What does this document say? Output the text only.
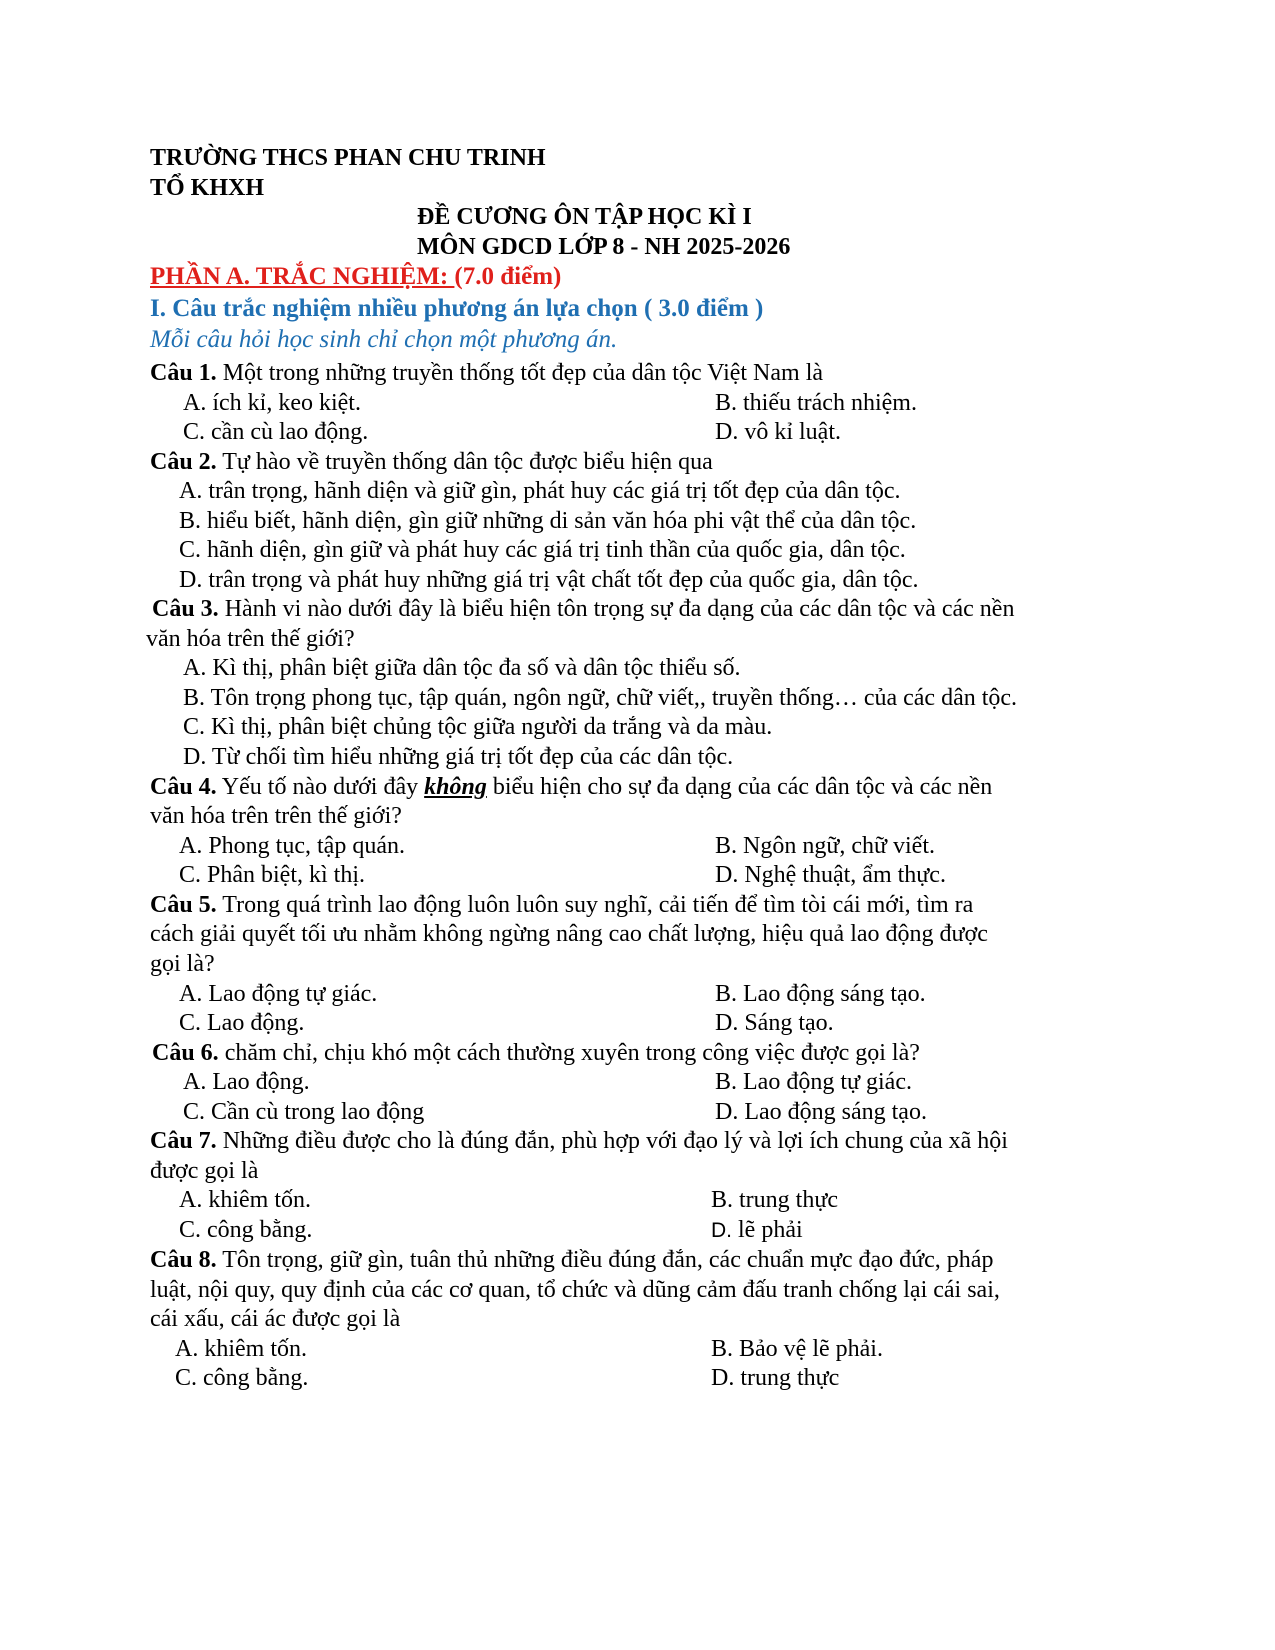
TRƯỜNG THCS PHAN CHU TRINH
TỔ KHXH
ĐỀ CƯƠNG ÔN TẬP HỌC KÌ I
MÔN GDCD LỚP 8 - NH 2025-2026
PHẦN A. TRẮC NGHIỆM: (7.0 điểm)
I. Câu trắc nghiệm nhiều phương án lựa chọn ( 3.0 điểm )
Mỗi câu hỏi học sinh chỉ chọn một phương án.
Câu 1. Một trong những truyền thống tốt đẹp của dân tộc Việt Nam là
A. ích kỉ, keo kiệt.	B. thiếu trách nhiệm.
C. cần cù lao động.	D. vô kỉ luật.
Câu 2. Tự hào về truyền thống dân tộc được biểu hiện qua
A. trân trọng, hãnh diện và giữ gìn, phát huy các giá trị tốt đẹp của dân tộc.
B. hiểu biết, hãnh diện, gìn giữ những di sản văn hóa phi vật thể của dân tộc.
C. hãnh diện, gìn giữ và phát huy các giá trị tinh thần của quốc gia, dân tộc.
D. trân trọng và phát huy những giá trị vật chất tốt đẹp của quốc gia, dân tộc.
Câu 3. Hành vi nào dưới đây là biểu hiện tôn trọng sự đa dạng của các dân tộc và các nền
văn hóa trên thế giới?
A. Kì thị, phân biệt giữa dân tộc đa số và dân tộc thiểu số.
B. Tôn trọng phong tục, tập quán, ngôn ngữ, chữ viết,, truyền thống… của các dân tộc.
C. Kì thị, phân biệt chủng tộc giữa người da trắng và da màu.
D. Từ chối tìm hiểu những giá trị tốt đẹp của các dân tộc.
Câu 4. Yếu tố nào dưới đây không biểu hiện cho sự đa dạng của các dân tộc và các nền
văn hóa trên trên thế giới?
A. Phong tục, tập quán.	B. Ngôn ngữ, chữ viết.
C. Phân biệt, kì thị.	D. Nghệ thuật, ẩm thực.
Câu 5. Trong quá trình lao động luôn luôn suy nghĩ, cải tiến để tìm tòi cái mới, tìm ra
cách giải quyết tối ưu nhằm không ngừng nâng cao chất lượng, hiệu quả lao động được
gọi là?
A. Lao động tự giác.	B. Lao động sáng tạo.
C. Lao động.	D. Sáng tạo.
Câu 6. chăm chỉ, chịu khó một cách thường xuyên trong công việc được gọi là?
A. Lao động.	B. Lao động tự giác.
C. Cần cù trong lao động	D. Lao động sáng tạo.
Câu 7. Những điều được cho là đúng đắn, phù hợp với đạo lý và lợi ích chung của xã hội
được gọi là
A. khiêm tốn.	B. trung thực
C. công bằng.	D. lẽ phải
Câu 8. Tôn trọng, giữ gìn, tuân thủ những điều đúng đắn, các chuẩn mực đạo đức, pháp
luật, nội quy, quy định của các cơ quan, tổ chức và dũng cảm đấu tranh chống lại cái sai,
cái xấu, cái ác được gọi là
A. khiêm tốn.	B. Bảo vệ lẽ phải.
C. công bằng.	D. trung thực
